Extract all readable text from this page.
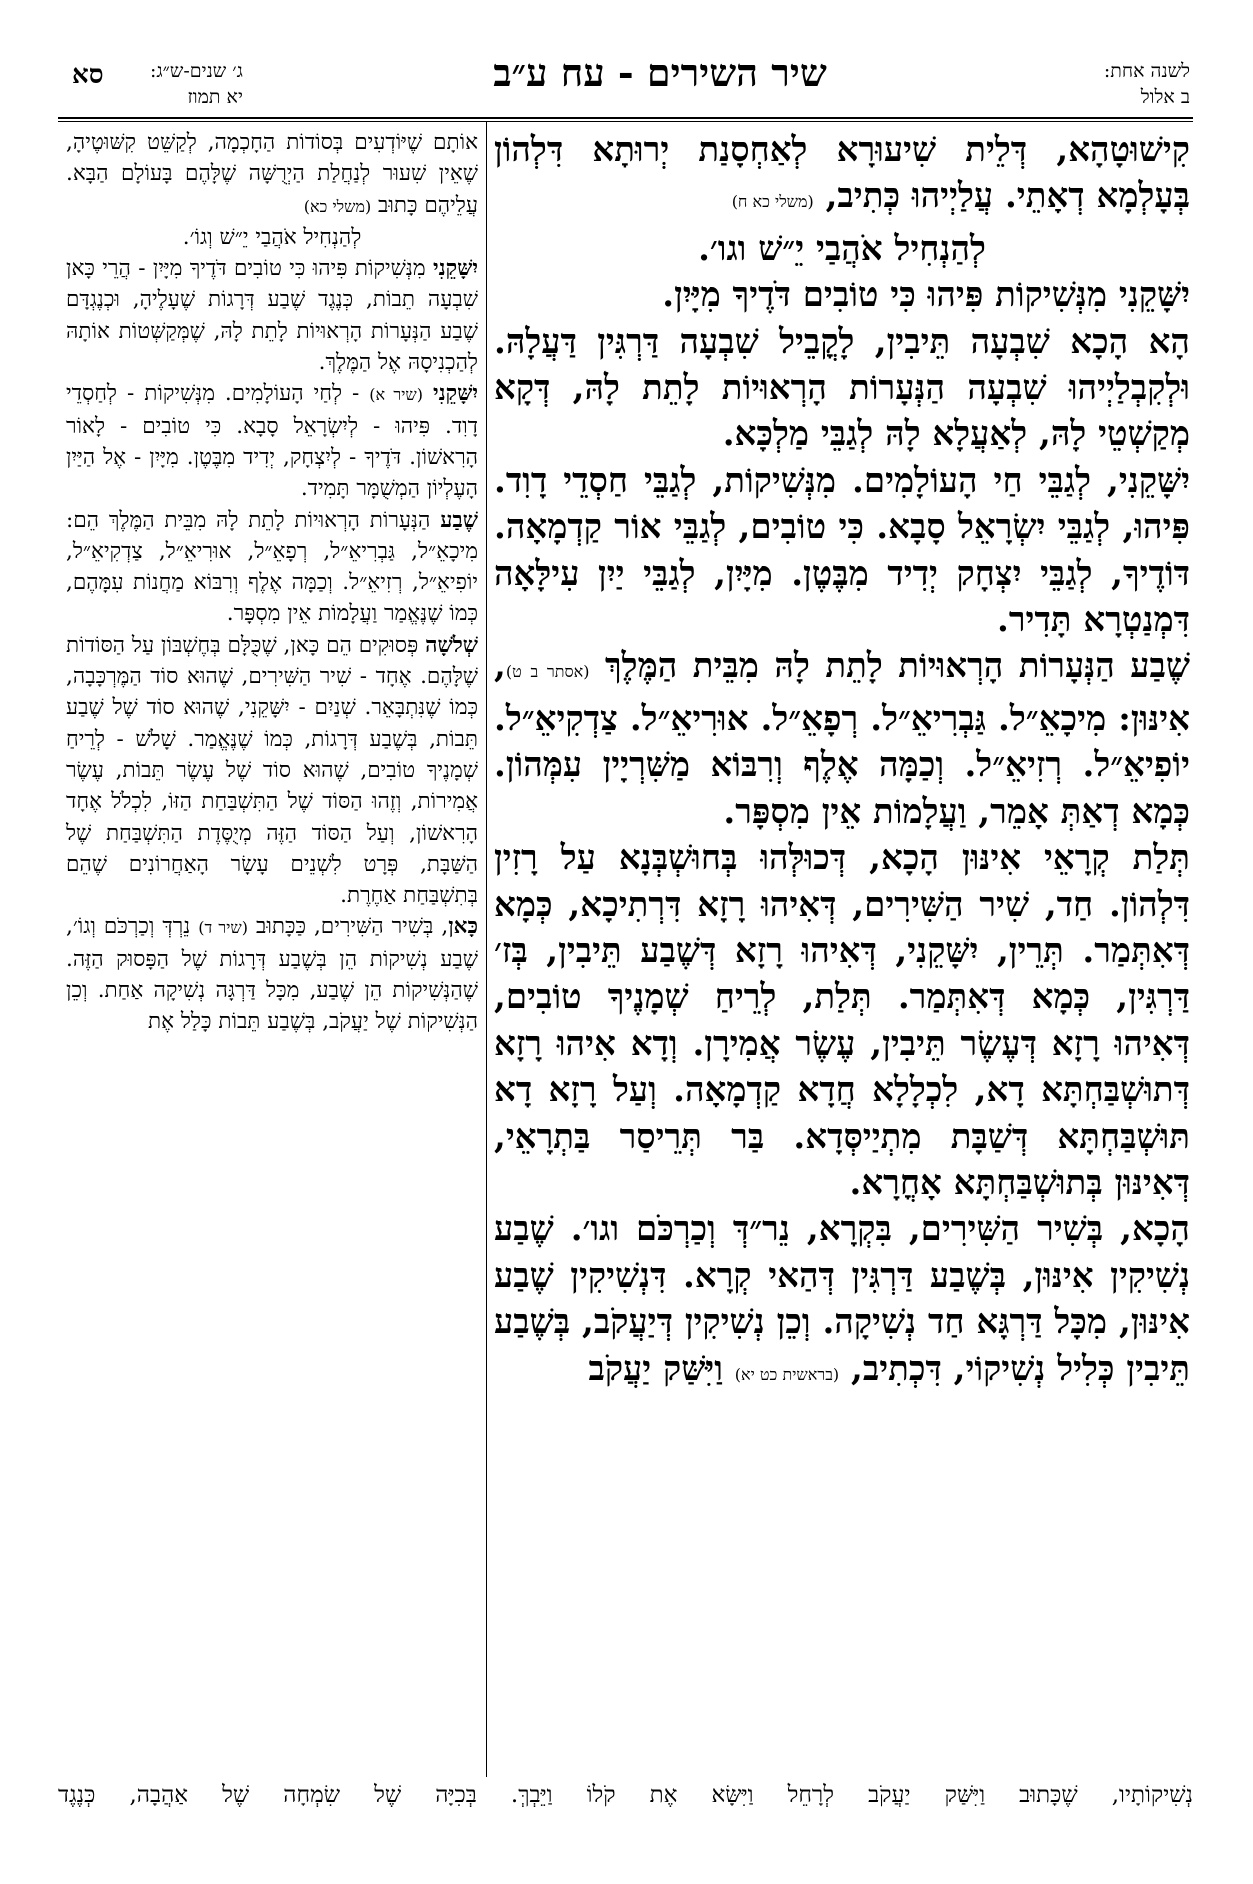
סא ג׳ שנים-ש״ג:
יא תמוז
שיר השירים - עח ע״ב	לשנה אחת:
ב אלול

קִישׁוּטָהָא, דְּלֵית שִׁיעוּרָא לְאַחְסָנַת יְרוּתָא דִּלְהוֹן בְּעָלְמָא דְאָתֵי. עֲלַיְיהוּ כְּתִיב, (משלי כא ח)

לְהַנְחִיל אֹהֲבַי יֵ״שׁ וגו׳.

יִשָּׁקֵנִי מִנְּשִׁיקוֹת פִּיהוּ כִּי טוֹבִים דֹּדֶיךָ מִיָּיִן.

הָא הָכָא שִׁבְעָה תֵּיבִין, לָקֳבֵיל שִׁבְעָה דַּרְגִּין דַּעֲלָהּ. וּלְקִבְלַיְיהוּ שִׁבְעָה הַנְּעָרוֹת הָרְאוּיוֹת לָתֵת לָהּ, דְּקָא מְקַשְׁטֵי לָהּ, לְאַעֲלָא לָהּ לְגַבֵּי מַלְכָּא.

יִשָּׁקֵנִי, לְגַבֵּי חַי הָעוֹלָמִים. מִנְּשִׁיקוֹת, לְגַבֵּי חַסְדֵי דָוִד. פִּיהוּ, לְגַבֵּי יִשְׂרָאֵל סָבָא. כִּי טוֹבִים, לְגַבֵּי אוֹר קַדְמָאָה. דּוֹדֶיךָ, לְגַבֵּי יִצְחָק יְדִיד מִבֶּטֶן. מִיָּיִן, לְגַבֵּי יַיִן עִילָּאָה דִּמְנַטְרָא תָּדִיר.

שֶׁבַע הַנְּעָרוֹת הָרְאוּיוֹת לָתֵת לָהּ מִבֵּית הַמֶּלֶךְ (אסתר ב ט), אִינּוּן: מִיכָאֵ״ל. גַּבְרִיאֵ״ל. רְפָאֵ״ל. אוּרִיאֵ״ל. צַדְקִיאֵ״ל. יוֹפִיאֵ״ל. רְזִיאֵ״ל. וְכַמָּה אֶלֶף וְרִבּוֹא מַשִּׁרְיָין עִמְּהוֹן. כְּמָא דְאַתְּ אָמֵר, וַעֲלָמוֹת אֵין מִסְפָּר.

תְּלַת קְרָאֵי אִינּוּן הָכָא, דְּכוּלְּהוּ בְּחוּשְׁבְּנָא עַל רָזִין דִּלְהוֹן. חַד, שִׁיר הַשִּׁירִים, דְּאִיהוּ רָזָא דִּרְתִיכָא, כְּמָא דְּאִתְּמַר. תְּרֵין, יִשָּׁקֵנִי, דְּאִיהוּ רָזָא דְּשֶׁבַע תֵּיבִין, בְּז׳ דַּרְגִּין, כְּמָא דְּאִתְּמַר. תְּלַת, לְרֵיחַ שְׁמָנֶיךָ טוֹבִים, דְּאִיהוּ רָזָא דְּעֶשֶׂר תֵּיבִין, עֶשֶׂר אֲמִירָן. וְדָא אִיהוּ רָזָא דְּתוּשְׁבַּחְתָּא דָא, לִכְלָלָא חֲדָא קַדְמָאָה. וְעַל רָזָא דָא תּוּשְׁבַּחְתָּא דְּשַׁבָּת מִתְיַיסְּדָא. בַּר תְּרֵיסַר בַּתְרָאֵי, דְּאִינּוּן בְּתוּשְׁבַּחְתָּא אָחֳרָא.

הָכָא, בְּשִׁיר הַשִּׁירִים, בִּקְרָא, נֵר״דְּ וְכַרְכֹּם וגו׳. שֶׁבַע נְשִׁיקִין אִינּוּן, בְּשֶׁבַע דַּרְגִּין דְּהַאי קְרָא. דִּנְשִׁיקִין שֶׁבַע אִינּוּן, מִכָּל דַּרְגָּא חַד נְשִׁיקָה. וְכֵן נְשִׁיקִין דְּיַעֲקֹב, בְּשֶׁבַע תֵּיבִין כְּלִיל נְשִׁיקוֹי, דִּכְתִיב, (בראשית כט יא) וַיִּשַּׁק יַעֲקֹב

אוֹתָם שֶׁיּוֹדְעִים בְּסוֹדוֹת הַחָכְמָה, לְקַשֵּׁט קִשּׁוּטֶיהָ, שֶׁאֵין שִׁעוּר לְנַחֲלַת הַיְרֻשָּׁה שֶׁלָּהֶם בָּעוֹלָם הַבָּא. עֲלֵיהֶם כָּתוּב (משלי כא)

לְהַנְחִיל אֹהֲבַי יֵ״שׁ וְגוֹ׳.

יִשָּׁקֵנִי מִנְּשִׁיקוֹת פִּיהוּ כִּי טוֹבִים דֹּדֶיךָ מִיָּיִן - הֲרֵי כָּאן שִׁבְעָה תֵבוֹת, כְּנֶגֶד שֶׁבַע דְּרָגוֹת שֶׁעָלֶיהָ, וּכְנֶגְדָּם שֶׁבַע הַנְּעָרוֹת הָרְאוּיוֹת לָתֵת לָהּ, שֶׁמְּקַשְּׁטוֹת אוֹתָהּ לְהַכְנִיסָהּ אֶל הַמֶּלֶךְ.

יִשָּׁקֵנִי (שיר א) - לְחַי הָעוֹלָמִים. מִנְּשִׁיקוֹת - לְחַסְדֵי דָוִד. פִּיהוּ - לְיִשְׂרָאֵל סָבָא. כִּי טוֹבִים - לָאוֹר הָרִאשׁוֹן. דֹּדֶיךָ - לְיִצְחָק, יְדִיד מִבֶּטֶן. מִיָּיִן - אֶל הַיַּיִן הָעֶלְיוֹן הַמְשֻׁמָּר תָּמִיד.

שֶׁבַע הַנְּעָרוֹת הָרְאוּיוֹת לָתֵת לָהּ מִבֵּית הַמֶּלֶךְ הֵם: מִיכָאֵ״ל, גַּבְרִיאֵ״ל, רְפָאֵ״ל, אוּרִיאֵ״ל, צַדְקִיאֵ״ל, יוֹפִיאֵ״ל, רְזִיאֵ״ל. וְכַמָּה אֶלֶף וְרִבּוֹא מַחֲנוֹת עִמָּהֶם, כְּמוֹ שֶׁנֶּאֱמַר וַעֲלָמוֹת אֵין מִסְפָּר.

שְׁלֹשָׁה פְּסוּקִים הֵם כָּאן, שֶׁכֻּלָּם בְּחֶשְׁבּוֹן עַל הַסּוֹדוֹת שֶׁלָּהֶם. אֶחָד - שִׁיר הַשִּׁירִים, שֶׁהוּא סוֹד הַמֶּרְכָּבָה, כְּמוֹ שֶׁנִּתְבָּאֵר. שְׁנַיִם - יִשָּׁקֵנִי, שֶׁהוּא סוֹד שֶׁל שֶׁבַע תֵּבוֹת, בְּשֶׁבַע דְּרָגוֹת, כְּמוֹ שֶׁנֶּאֱמַר. שָׁלֹשׁ - לְרֵיחַ שְׁמָנֶיךָ טוֹבִים, שֶׁהוּא סוֹד שֶׁל עֶשֶׂר תֵּבוֹת, עֶשֶׂר אֲמִירוֹת, וְזֶהוּ הַסּוֹד שֶׁל הַתִּשְׁבַּחַת הַזּוֹ, לִכְלֹל אֶחָד הָרִאשׁוֹן, וְעַל הַסּוֹד הַזֶּה מְיֻסֶּדֶת הַתִּשְׁבַּחַת שֶׁל הַשַּׁבָּת, פְּרָט לִשְׁנֵים עָשָׂר הָאַחֲרוֹנִים שֶׁהֵם בְּתִשְׁבַּחַת אַחֶרֶת.

כָּאן, בְּשִׁיר הַשִּׁירִים, כַּכָּתוּב (שיר ד) נֵרְדְּ וְכַרְכֹּם וְגוֹ׳, שֶׁבַע נְשִׁיקוֹת הֵן בְּשֶׁבַע דְּרָגוֹת שֶׁל הַפָּסוּק הַזֶּה. שֶׁהַנְּשִׁיקוֹת הֵן שֶׁבַע, מִכָּל דַּרְגָּה נְשִׁיקָה אַחַת. וְכֵן הַנְּשִׁיקוֹת שֶׁל יַעֲקֹב, בְּשֶׁבַע תֵּבוֹת כָּלַל אֶת

נְשִׁיקוֹתָיו, שֶׁכָּתוּב וַיִּשַּׁק יַעֲקֹב לְרָחֵל וַיִּשָּׂא אֶת קֹלוֹ וַיֵּבְךְּ. בְּכִיָּה שֶׁל שִׂמְחָה שֶׁל אַהֲבָה, כְּנֶגֶד
